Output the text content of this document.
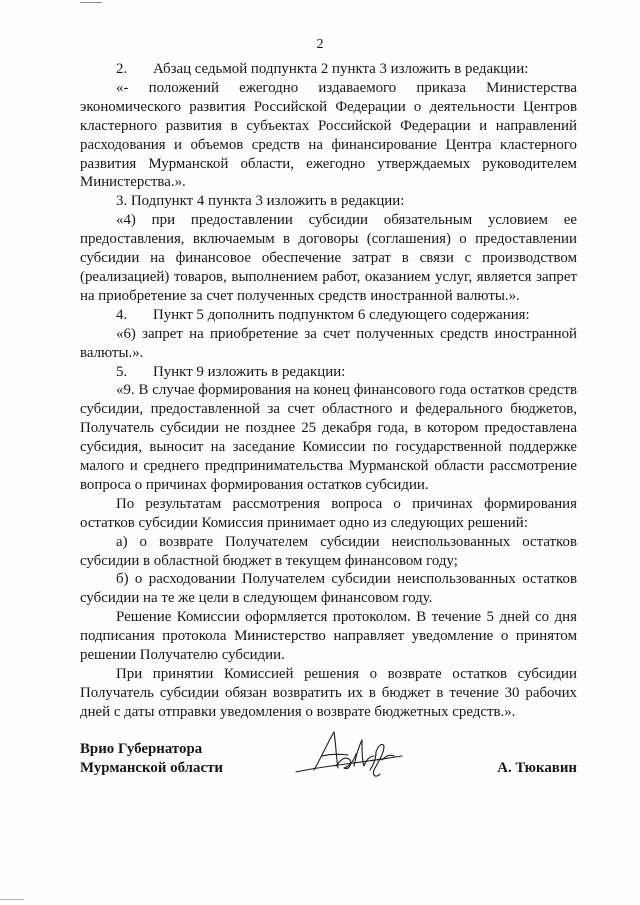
2

2. Абзац седьмой подпункта 2 пункта 3 изложить в редакции:

«- положений ежегодно издаваемого приказа Министерства экономического развития Российской Федерации о деятельности Центров кластерного развития в субъектах Российской Федерации и направлений расходования и объемов средств на финансирование Центра кластерного развития Мурманской области, ежегодно утверждаемых руководителем Министерства.».

3. Подпункт 4 пункта 3 изложить в редакции:

«4) при предоставлении субсидии обязательным условием ее предоставления, включаемым в договоры (соглашения) о предоставлении субсидии на финансовое обеспечение затрат в связи с производством (реализацией) товаров, выполнением работ, оказанием услуг, является запрет на приобретение за счет полученных средств иностранной валюты.».

4. Пункт 5 дополнить подпунктом 6 следующего содержания:

«6) запрет на приобретение за счет полученных средств иностранной валюты.».

5. Пункт 9 изложить в редакции:

«9. В случае формирования на конец финансового года остатков средств субсидии, предоставленной за счет областного и федерального бюджетов, Получатель субсидии не позднее 25 декабря года, в котором предоставлена субсидия, выносит на заседание Комиссии по государственной поддержке малого и среднего предпринимательства Мурманской области рассмотрение вопроса о причинах формирования остатков субсидии.

По результатам рассмотрения вопроса о причинах формирования остатков субсидии Комиссия принимает одно из следующих решений:

а) о возврате Получателем субсидии неиспользованных остатков субсидии в областной бюджет в текущем финансовом году;

б) о расходовании Получателем субсидии неиспользованных остатков субсидии на те же цели в следующем финансовом году.

Решение Комиссии оформляется протоколом. В течение 5 дней со дня подписания протокола Министерство направляет уведомление о принятом решении Получателю субсидии.

При принятии Комиссией решения о возврате остатков субсидии Получатель субсидии обязан возвратить их в бюджет в течение 30 рабочих дней с даты отправки уведомления о возврате бюджетных средств.».

Врио Губернатора
Мурманской области	А. Тюкавин
